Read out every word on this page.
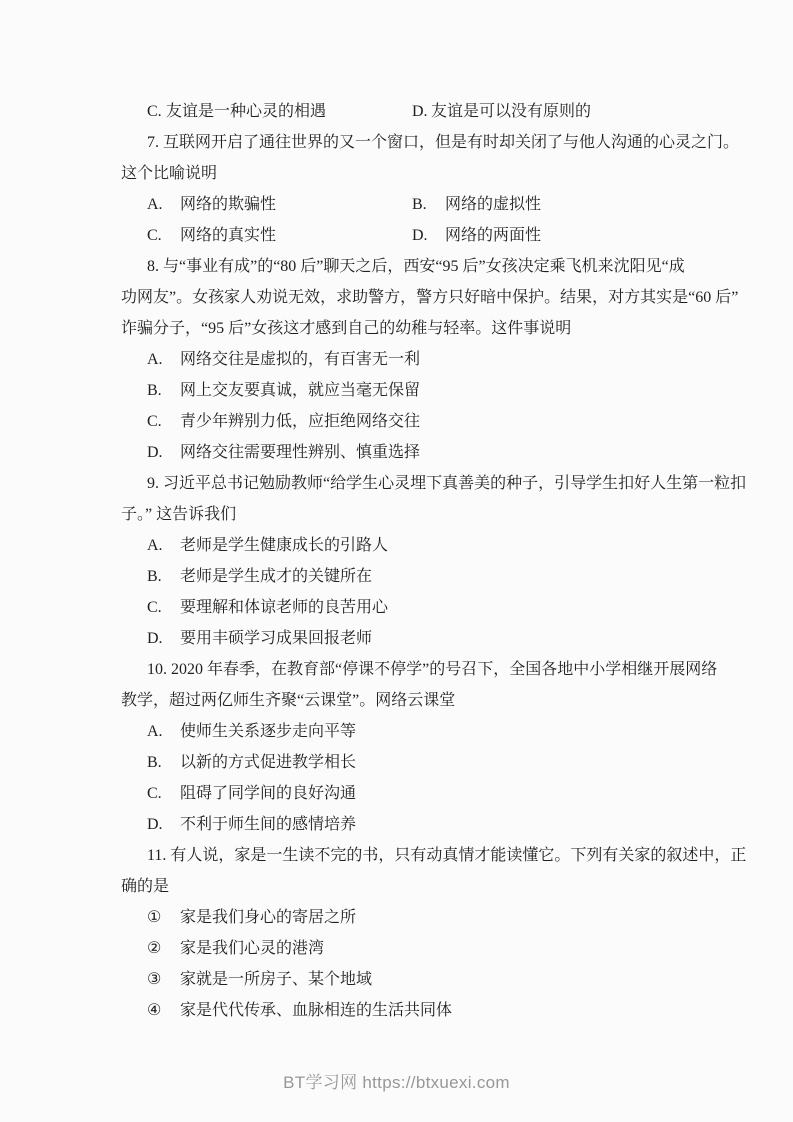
C. 友谊是一种心灵的相遇	D. 友谊是可以没有原则的
7. 互联网开启了通往世界的又一个窗口，但是有时却关闭了与他人沟通的心灵之门。
这个比喻说明
A. 网络的欺骗性	B. 网络的虚拟性
C. 网络的真实性	D. 网络的两面性
8. 与“事业有成”的“80 后”聊天之后，西安“95 后”女孩决定乘飞机来沈阳见“成
功网友”。女孩家人劝说无效，求助警方，警方只好暗中保护。结果，对方其实是“60 后”
诈骗分子，“95 后”女孩这才感到自己的幼稚与轻率。这件事说明
A. 网络交往是虚拟的，有百害无一利
B. 网上交友要真诚，就应当毫无保留
C. 青少年辨别力低，应拒绝网络交往
D. 网络交往需要理性辨别、慎重选择
9. 习近平总书记勉励教师“给学生心灵埋下真善美的种子，引导学生扣好人生第一粒扣
子。” 这告诉我们
A. 老师是学生健康成长的引路人
B. 老师是学生成才的关键所在
C. 要理解和体谅老师的良苦用心
D. 要用丰硕学习成果回报老师
10. 2020 年春季，在教育部“停课不停学”的号召下，全国各地中小学相继开展网络
教学，超过两亿师生齐聚“云课堂”。网络云课堂
A. 使师生关系逐步走向平等
B. 以新的方式促进教学相长
C. 阻碍了同学间的良好沟通
D. 不利于师生间的感情培养
11. 有人说，家是一生读不完的书，只有动真情才能读懂它。下列有关家的叙述中，正
确的是
① 家是我们身心的寄居之所
② 家是我们心灵的港湾
③ 家就是一所房子、某个地域
④ 家是代代传承、血脉相连的生活共同体
BT学习网 https://btxuexi.com
